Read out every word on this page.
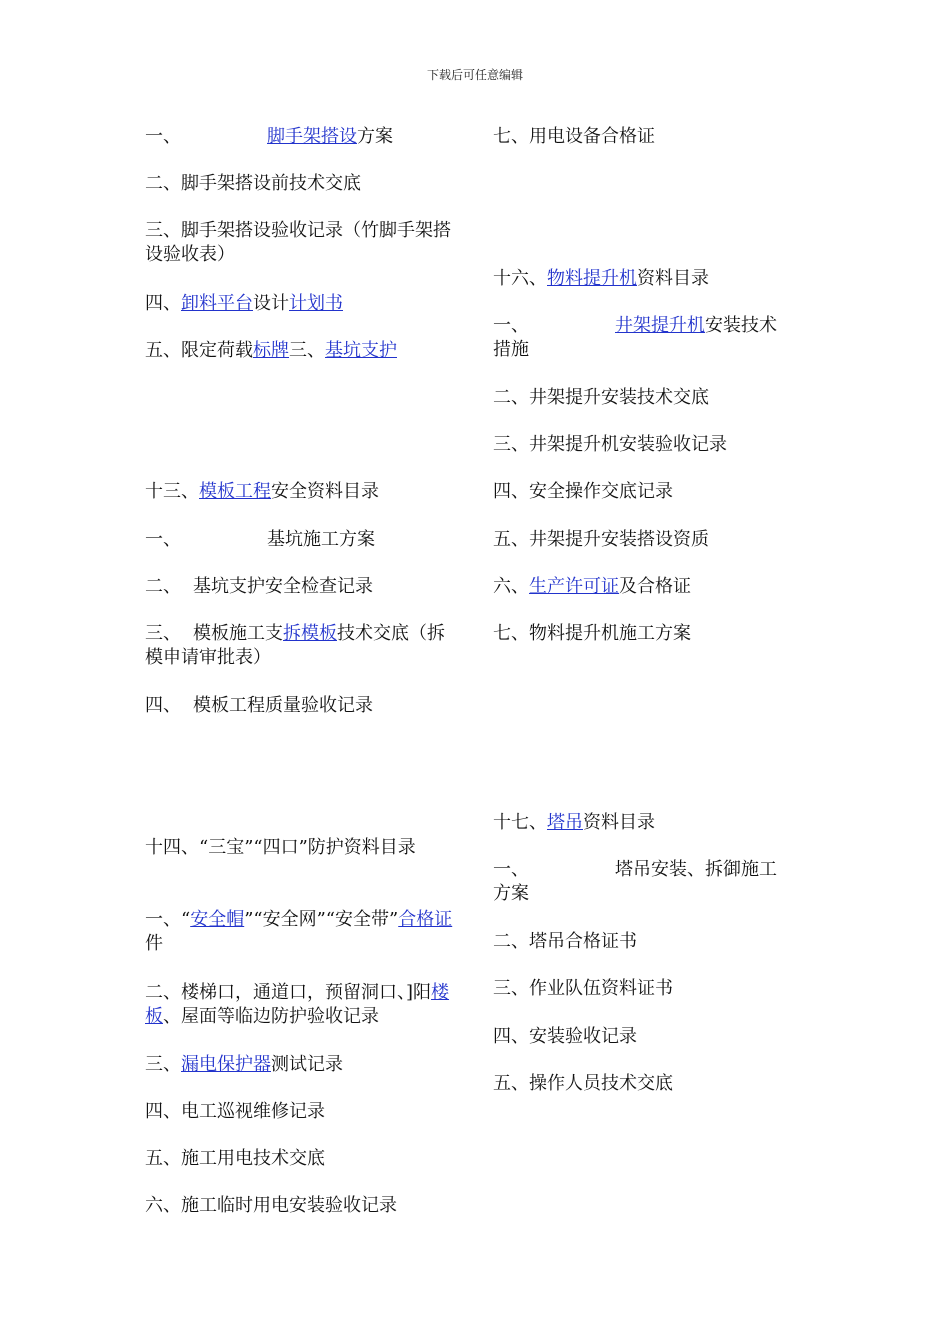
下载后可任意编辑
一、	脚手架搭设方案
二、脚手架搭设前技术交底
三、脚手架搭设验收记录（竹脚手架搭设验收表）
四、卸料平台设计计划书
五、限定荷载标牌三、基坑支护
十三、模板工程安全资料目录
一、	基坑施工方案
二、 基坑支护安全检查记录
三、 模板施工支拆模板技术交底（拆模申请审批表）
四、 模板工程质量验收记录
十四、“三宝”“四口”防护资料目录
一、“安全帽”“安全网”“安全带”合格证件
二、楼梯口，通道口，预留洞口、]阳楼板、屋面等临边防护验收记录
三、漏电保护器测试记录
四、电工巡视维修记录
五、施工用电技术交底
六、施工临时用电安装验收记录
七、用电设备合格证
十六、物料提升机资料目录
一、	井架提升机安装技术措施
二、井架提升安装技术交底
三、井架提升机安装验收记录
四、安全操作交底记录
五、井架提升安装搭设资质
六、生产许可证及合格证
七、物料提升机施工方案
十七、塔吊资料目录
一、	塔吊安装、拆御施工方案
二、塔吊合格证书
三、作业队伍资料证书
四、安装验收记录
五、操作人员技术交底
